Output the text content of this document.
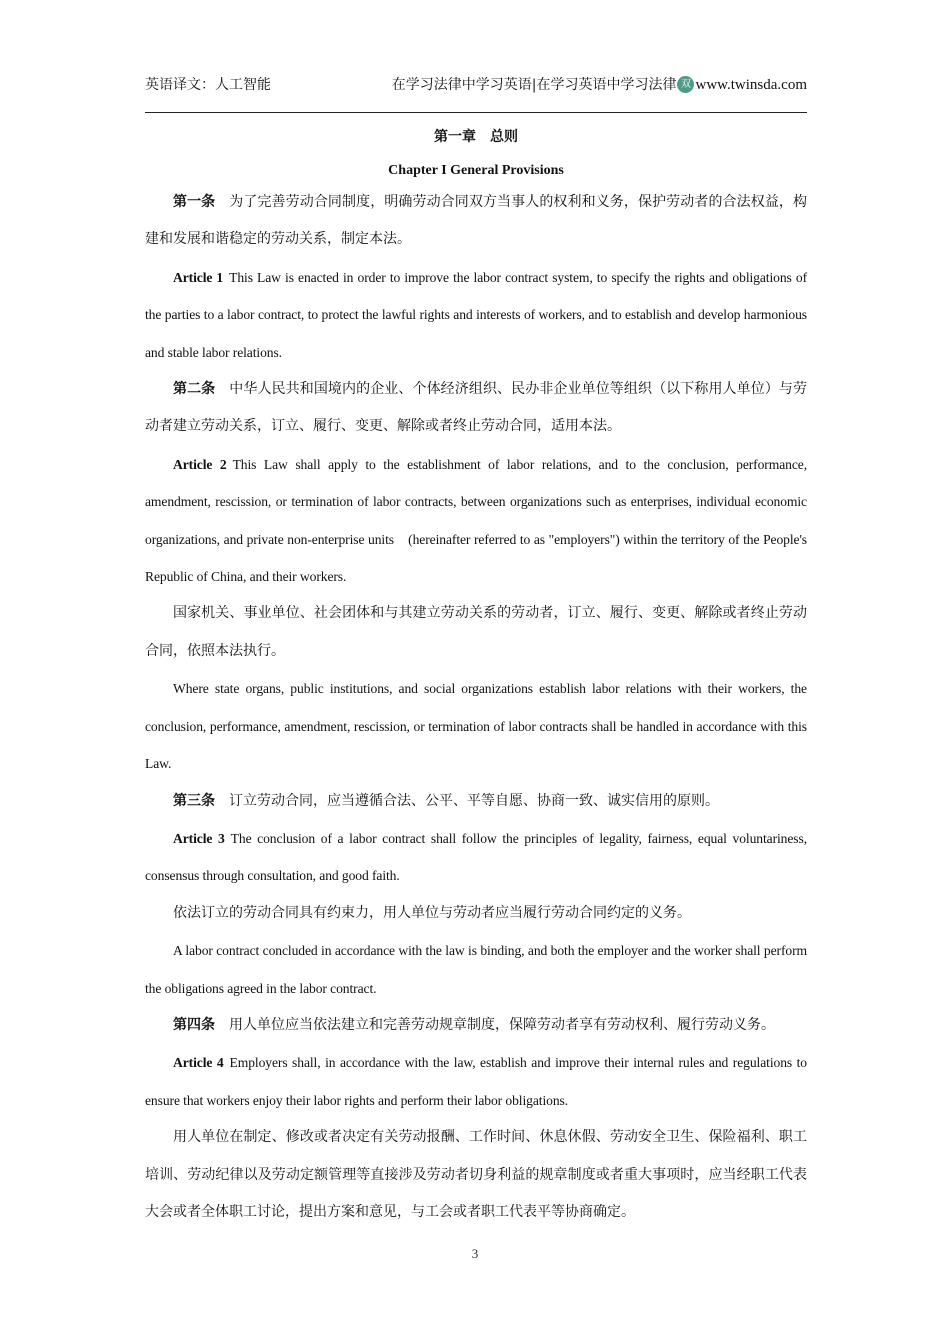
英语译文：人工智能	在学习法律中学习英语|在学习英语中学习法律 双 www.twinsda.com
第一章　总则
Chapter I General Provisions

第一条 为了完善劳动合同制度，明确劳动合同双方当事人的权利和义务，保护劳动者的合法权益，构建和发展和谐稳定的劳动关系，制定本法。

Article 1 This Law is enacted in order to improve the labor contract system, to specify the rights and obligations of the parties to a labor contract, to protect the lawful rights and interests of workers, and to establish and develop harmonious and stable labor relations.

第二条 中华人民共和国境内的企业、个体经济组织、民办非企业单位等组织（以下称用人单位）与劳动者建立劳动关系，订立、履行、变更、解除或者终止劳动合同，适用本法。

Article 2 This Law shall apply to the establishment of labor relations, and to the conclusion, performance, amendment, rescission, or termination of labor contracts, between organizations such as enterprises, individual economic organizations, and private non-enterprise units　(hereinafter referred to as "employers") within the territory of the People's Republic of China, and their workers.

国家机关、事业单位、社会团体和与其建立劳动关系的劳动者，订立、履行、变更、解除或者终止劳动合同，依照本法执行。

Where state organs, public institutions, and social organizations establish labor relations with their workers, the conclusion, performance, amendment, rescission, or termination of labor contracts shall be handled in accordance with this Law.

第三条 订立劳动合同，应当遵循合法、公平、平等自愿、协商一致、诚实信用的原则。

Article 3 The conclusion of a labor contract shall follow the principles of legality, fairness, equal voluntariness, consensus through consultation, and good faith.

依法订立的劳动合同具有约束力，用人单位与劳动者应当履行劳动合同约定的义务。

A labor contract concluded in accordance with the law is binding, and both the employer and the worker shall perform the obligations agreed in the labor contract.

第四条 用人单位应当依法建立和完善劳动规章制度，保障劳动者享有劳动权利、履行劳动义务。

Article 4 Employers shall, in accordance with the law, establish and improve their internal rules and regulations to ensure that workers enjoy their labor rights and perform their labor obligations.

用人单位在制定、修改或者决定有关劳动报酬、工作时间、休息休假、劳动安全卫生、保险福利、职工培训、劳动纪律以及劳动定额管理等直接涉及劳动者切身利益的规章制度或者重大事项时，应当经职工代表大会或者全体职工讨论，提出方案和意见，与工会或者职工代表平等协商确定。

3
